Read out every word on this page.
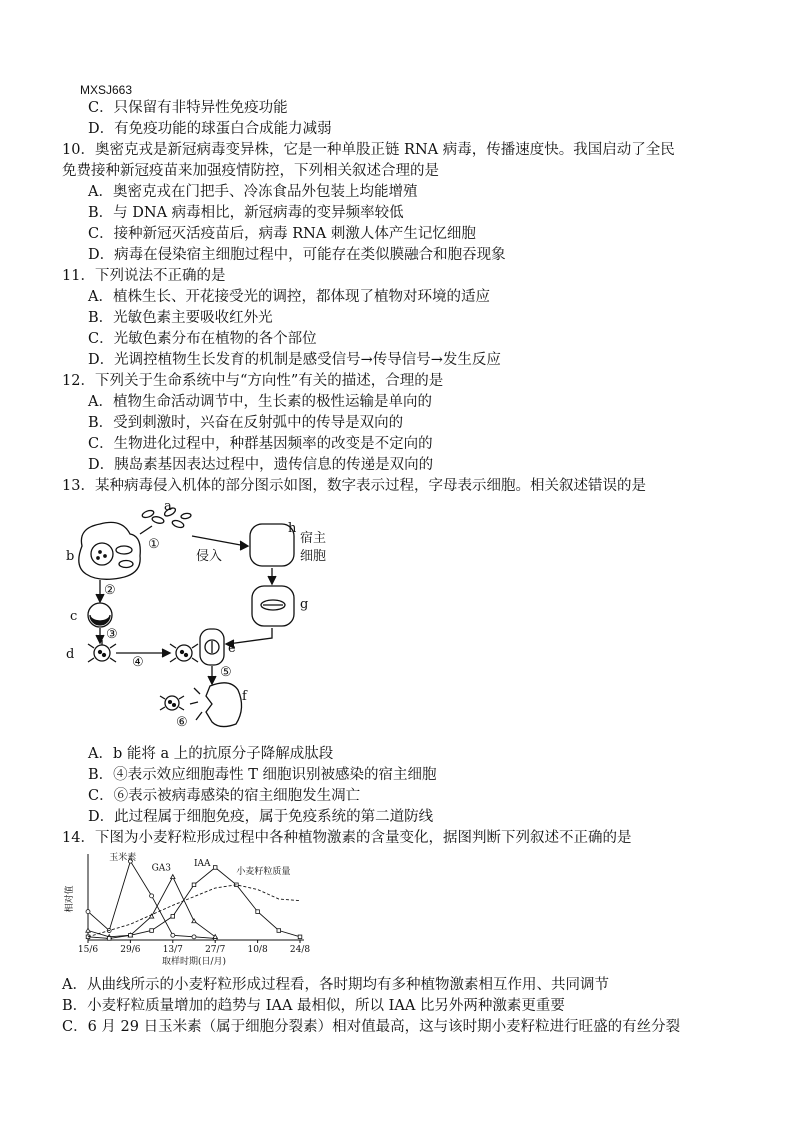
MXSJ663
C．只保留有非特异性免疫功能
D．有免疫功能的球蛋白合成能力减弱
10．奥密克戎是新冠病毒变异株，它是一种单股正链 RNA 病毒，传播速度快。我国启动了全民
免费接种新冠疫苗来加强疫情防控，下列相关叙述合理的是
A．奥密克戎在门把手、冷冻食品外包装上均能增殖
B．与 DNA 病毒相比，新冠病毒的变异频率较低
C．接种新冠灭活疫苗后，病毒 RNA 刺激人体产生记忆细胞
D．病毒在侵染宿主细胞过程中，可能存在类似膜融合和胞吞现象
11．下列说法不正确的是
A．植株生长、开花接受光的调控，都体现了植物对环境的适应
B．光敏色素主要吸收红外光
C．光敏色素分布在植物的各个部位
D．光调控植物生长发育的机制是感受信号→传导信号→发生反应
12．下列关于生命系统中与“方向性”有关的描述，合理的是
A．植物生命活动调节中，生长素的极性运输是单向的
B．受到刺激时，兴奋在反射弧中的传导是双向的
C．生物进化过程中，种群基因频率的改变是不定向的
D．胰岛素基因表达过程中，遗传信息的传递是双向的
13．某种病毒侵入机体的部分图示如图，数字表示过程，字母表示细胞。相关叙述错误的是
a
b
c
d	e
f
g
h
①
②
③
④
⑤
⑥
侵入
宿主
细胞
A．b 能将 a 上的抗原分子降解成肽段
B．④表示效应细胞毒性 T 细胞识别被感染的宿主细胞
C．⑥表示被病毒感染的宿主细胞发生凋亡
D．此过程属于细胞免疫，属于免疫系统的第二道防线
14．下图为小麦籽粒形成过程中各种植物激素的含量变化，据图判断下列叙述不正确的是
15/6 29/6 13/7 27/7 10/8 24/8
取样时期(日/月)
相对值
玉米素
GA3	IAA
小麦籽粒质量
A．从曲线所示的小麦籽粒形成过程看，各时期均有多种植物激素相互作用、共同调节
B．小麦籽粒质量增加的趋势与 IAA 最相似，所以 IAA 比另外两种激素更重要
C．6 月 29 日玉米素（属于细胞分裂素）相对值最高，这与该时期小麦籽粒进行旺盛的有丝分裂
